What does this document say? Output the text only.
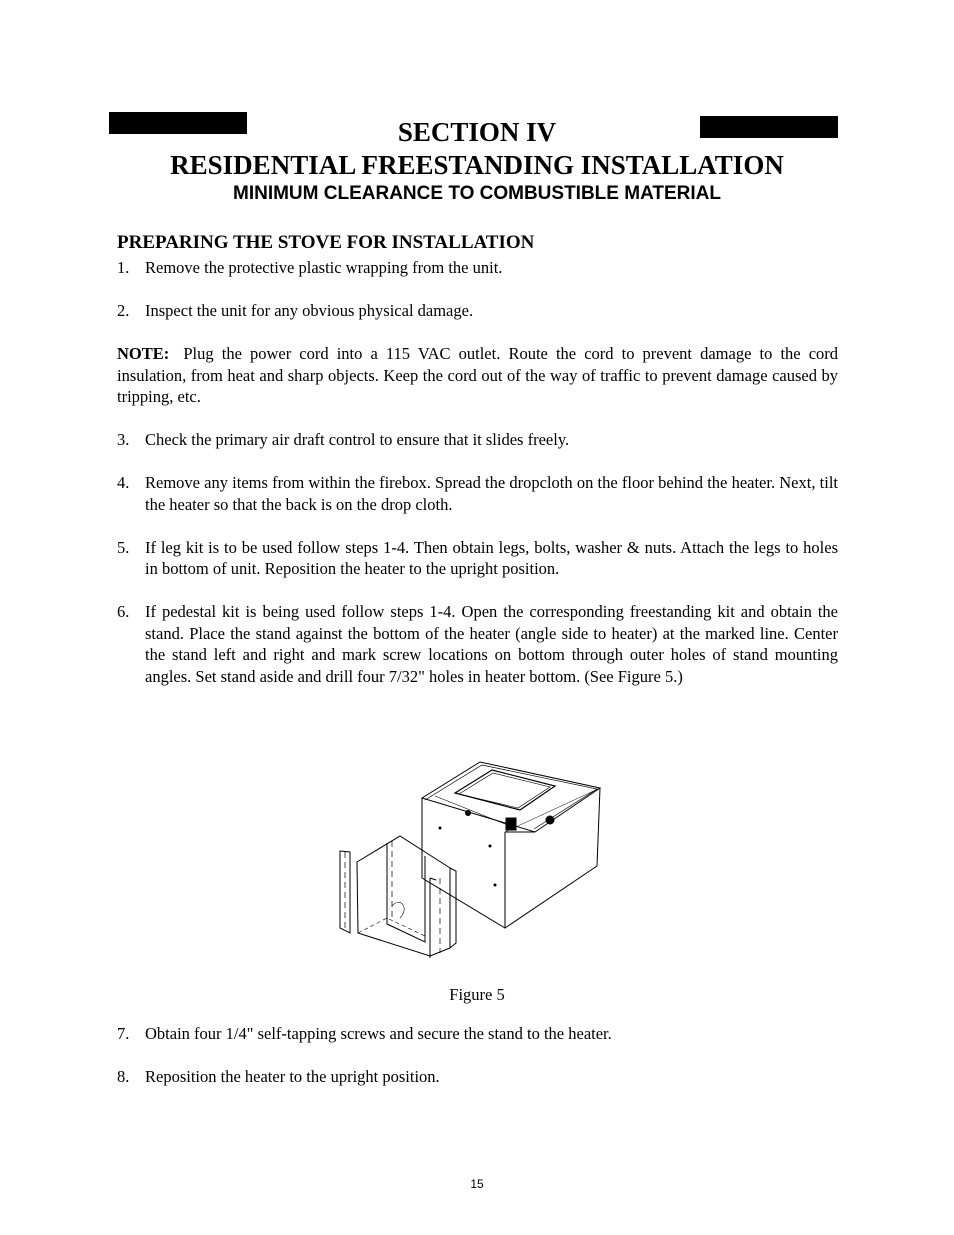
SECTION IV
RESIDENTIAL FREESTANDING INSTALLATION
MINIMUM CLEARANCE TO COMBUSTIBLE MATERIAL
PREPARING THE STOVE FOR INSTALLATION
1. Remove the protective plastic wrapping from the unit.
2. Inspect the unit for any obvious physical damage.
NOTE: Plug the power cord into a 115 VAC outlet. Route the cord to prevent damage to the cord insulation, from heat and sharp objects. Keep the cord out of the way of traffic to prevent damage caused by tripping, etc.
3. Check the primary air draft control to ensure that it slides freely.
4. Remove any items from within the firebox. Spread the dropcloth on the floor behind the heater. Next, tilt the heater so that the back is on the drop cloth.
5. If leg kit is to be used follow steps 1-4. Then obtain legs, bolts, washer & nuts. Attach the legs to holes in bottom of unit. Reposition the heater to the upright position.
6. If pedestal kit is being used follow steps 1-4. Open the corresponding freestanding kit and obtain the stand. Place the stand against the bottom of the heater (angle side to heater) at the marked line. Center the stand left and right and mark screw locations on bottom through outer holes of stand mounting angles. Set stand aside and drill four 7/32" holes in heater bottom. (See Figure 5.)
Figure 5
7. Obtain four 1/4" self-tapping screws and secure the stand to the heater.
8. Reposition the heater to the upright position.
15
